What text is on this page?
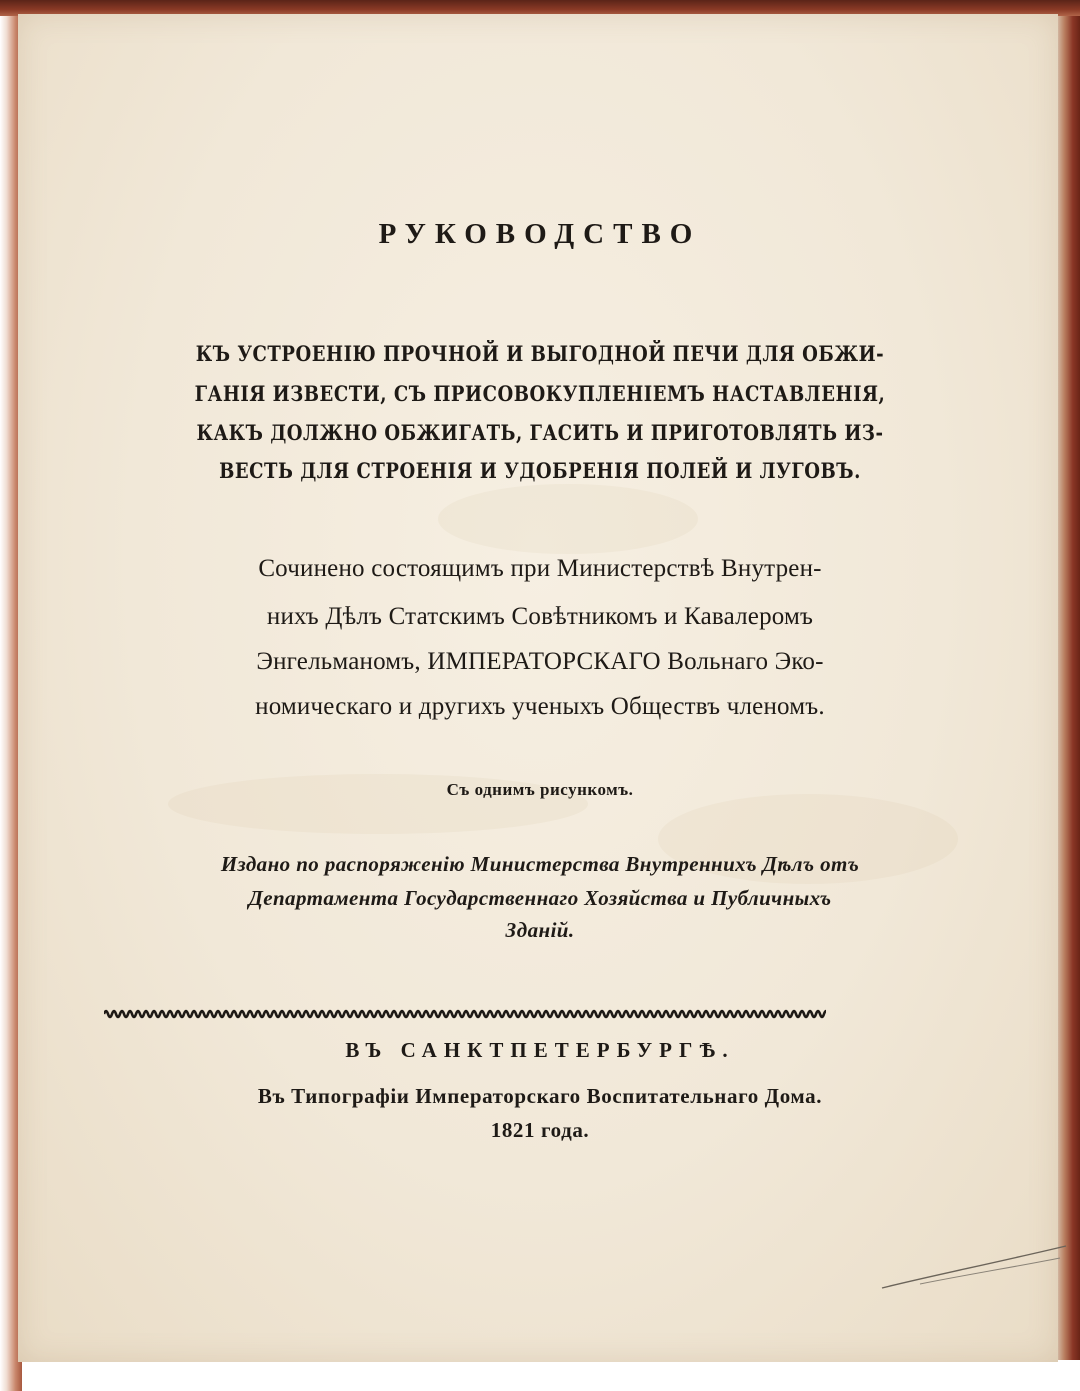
РУКОВОДСТВО
КЪ УСТРОЕНІЮ ПРОЧНОЙ И ВЫГОДНОЙ ПЕЧИ ДЛЯ ОБЖИ-
ГАНІЯ ИЗВЕСТИ, СЪ ПРИСОВОКУПЛЕНІЕМЪ НАСТАВЛЕНІЯ,
КАКЪ ДОЛЖНО ОБЖИГАТЬ, ГАСИТЬ И ПРИГОТОВЛЯТЬ ИЗ-
ВЕСТЬ ДЛЯ СТРОЕНІЯ И УДОБРЕНІЯ ПОЛЕЙ И ЛУГОВЪ.
Сочинено состоящимъ при Министерствѣ Внутрен-
нихъ Дѣлъ Статскимъ Совѣтникомъ и Кавалеромъ
Энгельманомъ, ИМПЕРАТОРСКАГО Вольнаго Эко-
номическаго и другихъ ученыхъ Обществъ членомъ.
Съ однимъ рисункомъ.
Издано по распоряженію Министерства Внутреннихъ Дѣлъ отъ
Департамента Государственнаго Хозяйства и Публичныхъ
Зданій.
ВЪ САНКТПЕТЕРБУРГѢ.
Въ Типографіи Императорскаго Воспитательнаго Дома.
1821 года.
